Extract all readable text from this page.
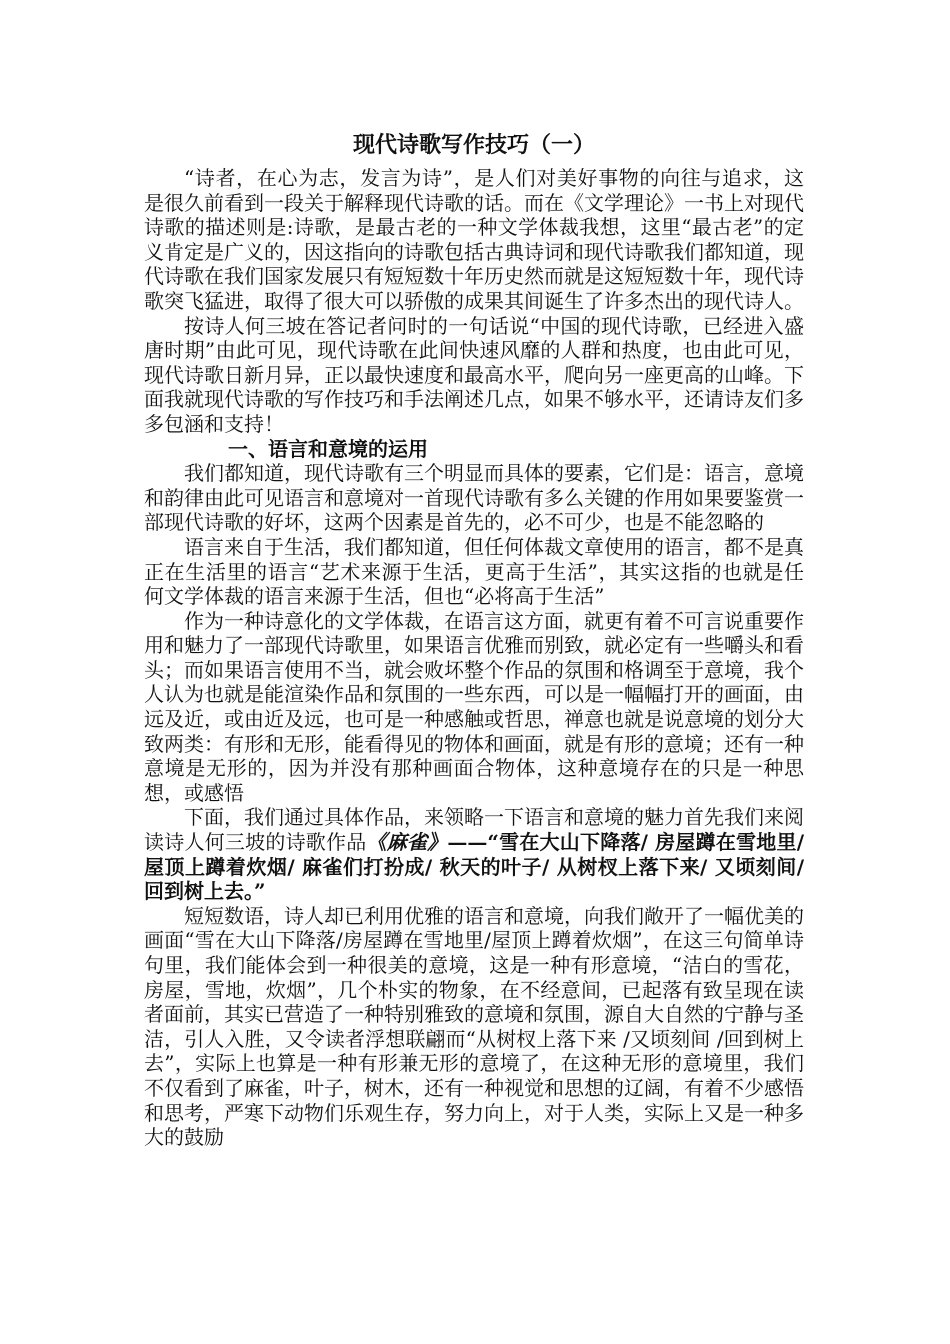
现代诗歌写作技巧（一）

“诗者，在心为志，发言为诗”，是人们对美好事物的向往与追求，这是很久前看到一段关于解释现代诗歌的话。而在《文学理论》一书上对现代诗歌的描述则是:诗歌，是最古老的一种文学体裁我想，这里“最古老”的定义肯定是广义的，因这指向的诗歌包括古典诗词和现代诗歌我们都知道，现代诗歌在我们国家发展只有短短数十年历史然而就是这短短数十年，现代诗歌突飞猛进，取得了很大可以骄傲的成果其间诞生了许多杰出的现代诗人。

按诗人何三坡在答记者问时的一句话说“中国的现代诗歌，已经进入盛唐时期”由此可见，现代诗歌在此间快速风靡的人群和热度，也由此可见，现代诗歌日新月异，正以最快速度和最高水平，爬向另一座更高的山峰。下面我就现代诗歌的写作技巧和手法阐述几点，如果不够水平，还请诗友们多多包涵和支持！

一、语言和意境的运用

我们都知道，现代诗歌有三个明显而具体的要素，它们是：语言，意境和韵律由此可见语言和意境对一首现代诗歌有多么关键的作用如果要鉴赏一部现代诗歌的好坏，这两个因素是首先的，必不可少，也是不能忽略的

语言来自于生活，我们都知道，但任何体裁文章使用的语言，都不是真正在生活里的语言“艺术来源于生活，更高于生活”，其实这指的也就是任何文学体裁的语言来源于生活，但也“必将高于生活”

作为一种诗意化的文学体裁，在语言这方面，就更有着不可言说重要作用和魅力了一部现代诗歌里，如果语言优雅而别致，就必定有一些嚼头和看头；而如果语言使用不当，就会败坏整个作品的氛围和格调至于意境，我个人认为也就是能渲染作品和氛围的一些东西，可以是一幅幅打开的画面，由远及近，或由近及远，也可是一种感触或哲思，禅意也就是说意境的划分大致两类：有形和无形，能看得见的物体和画面，就是有形的意境；还有一种意境是无形的，因为并没有那种画面合物体，这种意境存在的只是一种思想，或感悟

下面，我们通过具体作品，来领略一下语言和意境的魅力首先我们来阅读诗人何三坡的诗歌作品《麻雀》——“雪在大山下降落/ 房屋蹲在雪地里/ 屋顶上蹲着炊烟/ 麻雀们打扮成/ 秋天的叶子/ 从树杈上落下来/ 又顷刻间/ 回到树上去。”

短短数语，诗人却已利用优雅的语言和意境，向我们敞开了一幅优美的画面“雪在大山下降落/房屋蹲在雪地里/屋顶上蹲着炊烟”，在这三句简单诗句里，我们能体会到一种很美的意境，这是一种有形意境，“洁白的雪花，房屋，雪地，炊烟”，几个朴实的物象，在不经意间，已起落有致呈现在读者面前，其实已营造了一种特别雅致的意境和氛围，源自大自然的宁静与圣洁，引人入胜，又令读者浮想联翩而“从树杈上落下来 /又顷刻间 /回到树上去”，实际上也算是一种有形兼无形的意境了，在这种无形的意境里，我们不仅看到了麻雀，叶子，树木，还有一种视觉和思想的辽阔，有着不少感悟和思考，严寒下动物们乐观生存，努力向上，对于人类，实际上又是一种多大的鼓励
